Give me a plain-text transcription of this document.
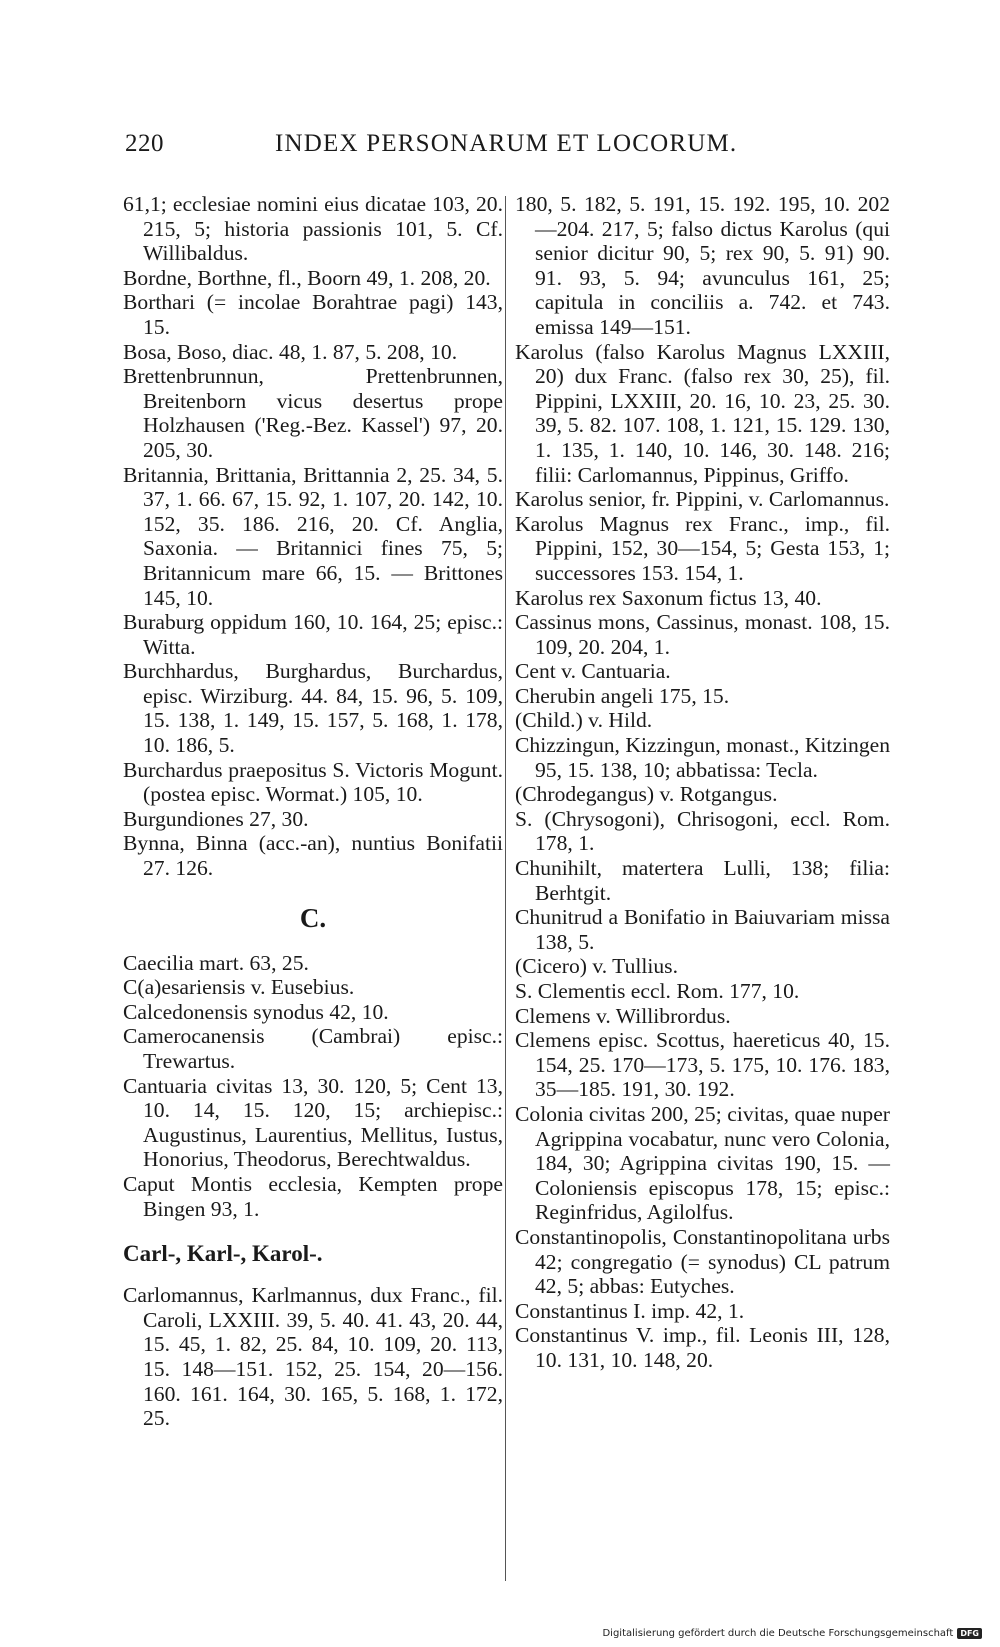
220	INDEX PERSONARUM ET LOCORUM.

61,1; ecclesiae nomini eius dicatae 103, 20. 215, 5; historia passionis 101, 5. Cf. Willibaldus.

Bordne, Borthne, fl., Boorn 49, 1. 208, 20.

Borthari (= incolae Borahtrae pagi) 143, 15.

Bosa, Boso, diac. 48, 1. 87, 5. 208, 10.

Brettenbrunnun, Prettenbrunnen, Breitenborn vicus desertus prope Holzhausen ('Reg.-Bez. Kassel') 97, 20. 205, 30.

Britannia, Brittania, Brittannia 2, 25. 34, 5. 37, 1. 66. 67, 15. 92, 1. 107, 20. 142, 10. 152, 35. 186. 216, 20. Cf. Anglia, Saxonia. — Britannici fines 75, 5; Britannicum mare 66, 15. — Brittones 145, 10.

Buraburg oppidum 160, 10. 164, 25; episc.: Witta.

Burchhardus, Burghardus, Burchardus, episc. Wirziburg. 44. 84, 15. 96, 5. 109, 15. 138, 1. 149, 15. 157, 5. 168, 1. 178, 10. 186, 5.

Burchardus praepositus S. Victoris Mogunt. (postea episc. Wormat.) 105, 10.

Burgundiones 27, 30.

Bynna, Binna (acc.-an), nuntius Bonifatii 27. 126.

C.

Caecilia mart. 63, 25.

C(a)esariensis v. Eusebius.

Calcedonensis synodus 42, 10.

Camerocanensis (Cambrai) episc.: Trewartus.

Cantuaria civitas 13, 30. 120, 5; Cent 13, 10. 14, 15. 120, 15; archiepisc.: Augustinus, Laurentius, Mellitus, Iustus, Honorius, Theodorus, Berechtwaldus.

Caput Montis ecclesia, Kempten prope Bingen 93, 1.

Carl-, Karl-, Karol-.

Carlomannus, Karlmannus, dux Franc., fil. Caroli, LXXIII. 39, 5. 40. 41. 43, 20. 44, 15. 45, 1. 82, 25. 84, 10. 109, 20. 113, 15. 148—151. 152, 25. 154, 20—156. 160. 161. 164, 30. 165, 5. 168, 1. 172, 25.

180, 5. 182, 5. 191, 15. 192. 195, 10. 202—204. 217, 5; falso dictus Karolus (qui senior dicitur 90, 5; rex 90, 5. 91) 90. 91. 93, 5. 94; avunculus 161, 25; capitula in conciliis a. 742. et 743. emissa 149—151.

Karolus (falso Karolus Magnus LXXIII, 20) dux Franc. (falso rex 30, 25), fil. Pippini, LXXIII, 20. 16, 10. 23, 25. 30. 39, 5. 82. 107. 108, 1. 121, 15. 129. 130, 1. 135, 1. 140, 10. 146, 30. 148. 216; filii: Carlomannus, Pippinus, Griffo.

Karolus senior, fr. Pippini, v. Carlomannus.

Karolus Magnus rex Franc., imp., fil. Pippini, 152, 30—154, 5; Gesta 153, 1; successores 153. 154, 1.

Karolus rex Saxonum fictus 13, 40.

Cassinus mons, Cassinus, monast. 108, 15. 109, 20. 204, 1.

Cent v. Cantuaria.

Cherubin angeli 175, 15.

(Child.) v. Hild.

Chizzingun, Kizzingun, monast., Kitzingen 95, 15. 138, 10; abbatissa: Tecla.

(Chrodegangus) v. Rotgangus.

S. (Chrysogoni), Chrisogoni, eccl. Rom. 178, 1.

Chunihilt, matertera Lulli, 138; filia: Berhtgit.

Chunitrud a Bonifatio in Baiuvariam missa 138, 5.

(Cicero) v. Tullius.

S. Clementis eccl. Rom. 177, 10.

Clemens v. Willibrordus.

Clemens episc. Scottus, haereticus 40, 15. 154, 25. 170—173, 5. 175, 10. 176. 183, 35—185. 191, 30. 192.

Colonia civitas 200, 25; civitas, quae nuper Agrippina vocabatur, nunc vero Colonia, 184, 30; Agrippina civitas 190, 15. — Coloniensis episcopus 178, 15; episc.: Reginfridus, Agilolfus.

Constantinopolis, Constantinopolitana urbs 42; congregatio (= synodus) CL patrum 42, 5; abbas: Eutyches.

Constantinus I. imp. 42, 1.

Constantinus V. imp., fil. Leonis III, 128, 10. 131, 10. 148, 20.

Digitalisierung gefördert durch die Deutsche Forschungsgemeinschaft DFG
